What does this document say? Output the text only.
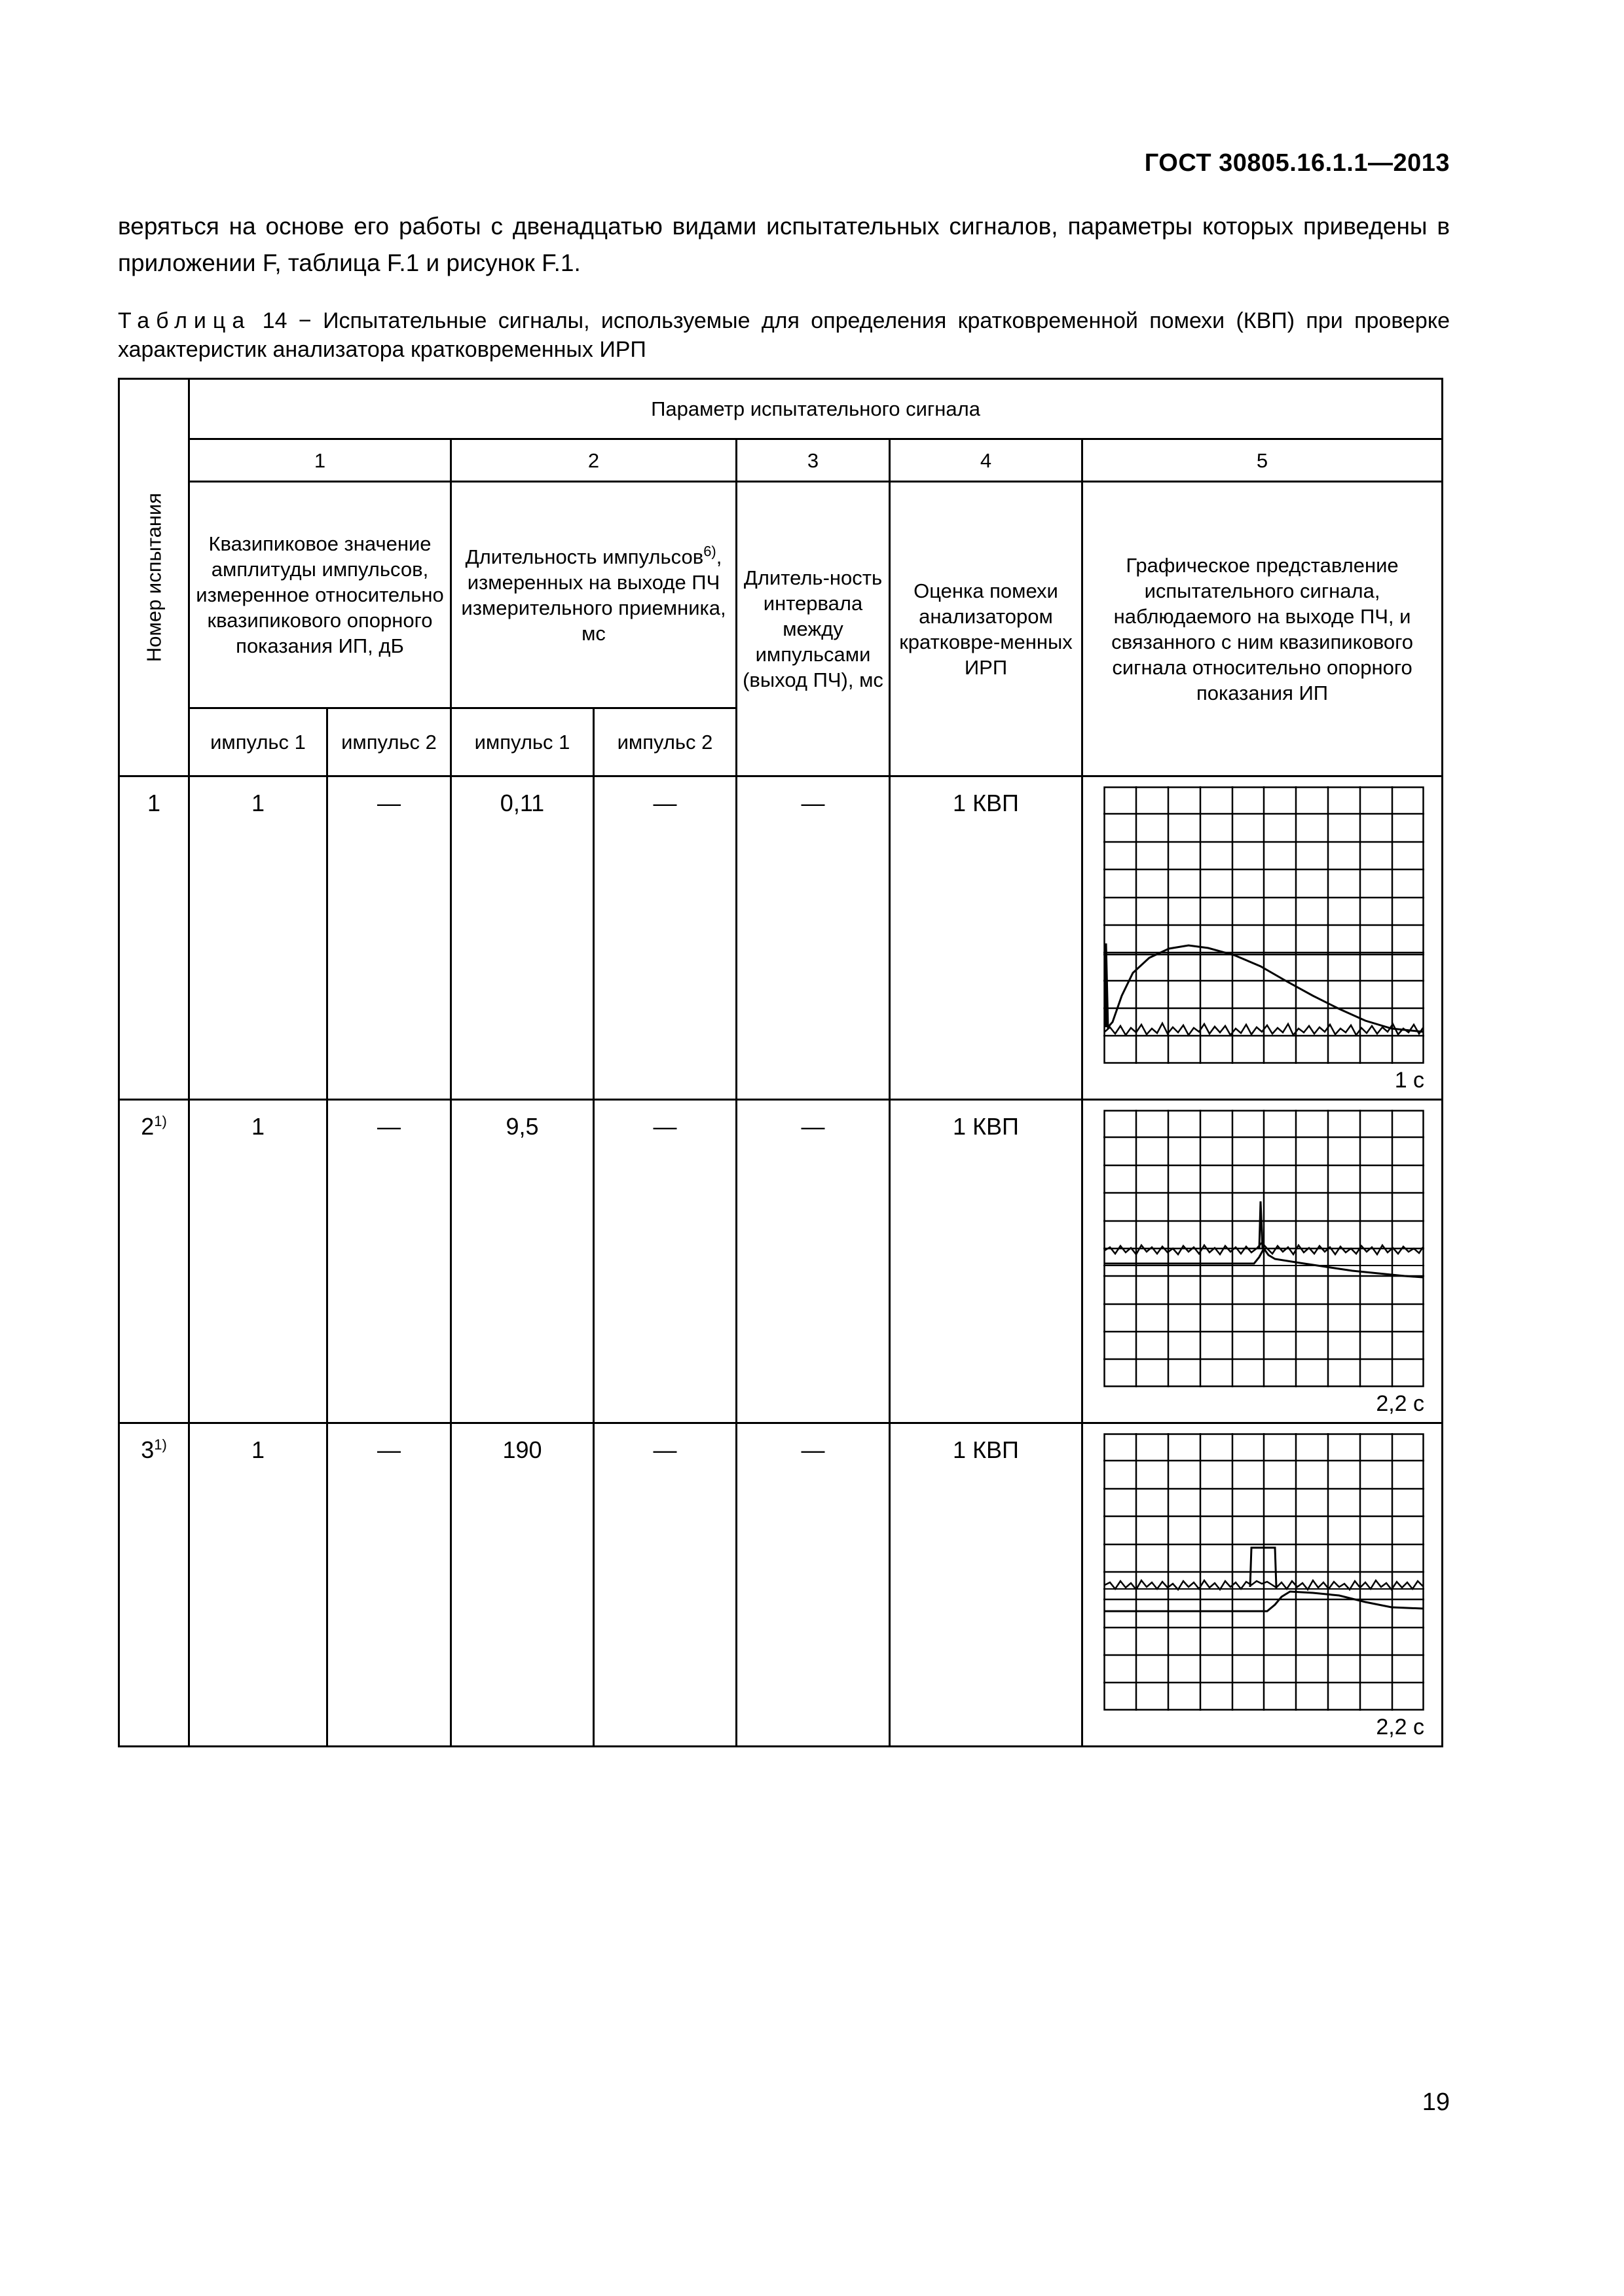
ГОСТ 30805.16.1.1—2013
веряться на основе его работы с двенадцатью видами испытательных сигналов, параметры которых приведены в приложении F, таблица F.1 и рисунок F.1.
Таблица 14 − Испытательные сигналы, используемые для определения кратковременной помехи (КВП) при проверке характеристик анализатора кратковременных ИРП
Номер испытания	Параметр испытательного сигнала						
	1		2		3	4	5
	Квазипиковое значение амплитуды импульсов, измеренное относительно квазипикового опорного показания ИП, дБ		Длительность импульсов$^{6)}$, измеренных на выходе ПЧ измерительного приемника, мс		Длитель-ность интервала между импульсами (выход ПЧ), мс	Оценка помехи анализатором кратковре-менных ИРП	Графическое представление испытательного сигнала, наблюдаемого на выходе ПЧ, и связанного с ним квазипикового сигнала относительно опорного показания ИП
	импульс 1	импульс 2	импульс 1	импульс 2			
1	1	—	0,11	—	—	1 КВП	1 с

2$^{1)}$	1	—	9,5	—	—	1 КВП	2,2 с

3$^{1)}$	1	—	190	—	—	1 КВП	2,2 с
19
